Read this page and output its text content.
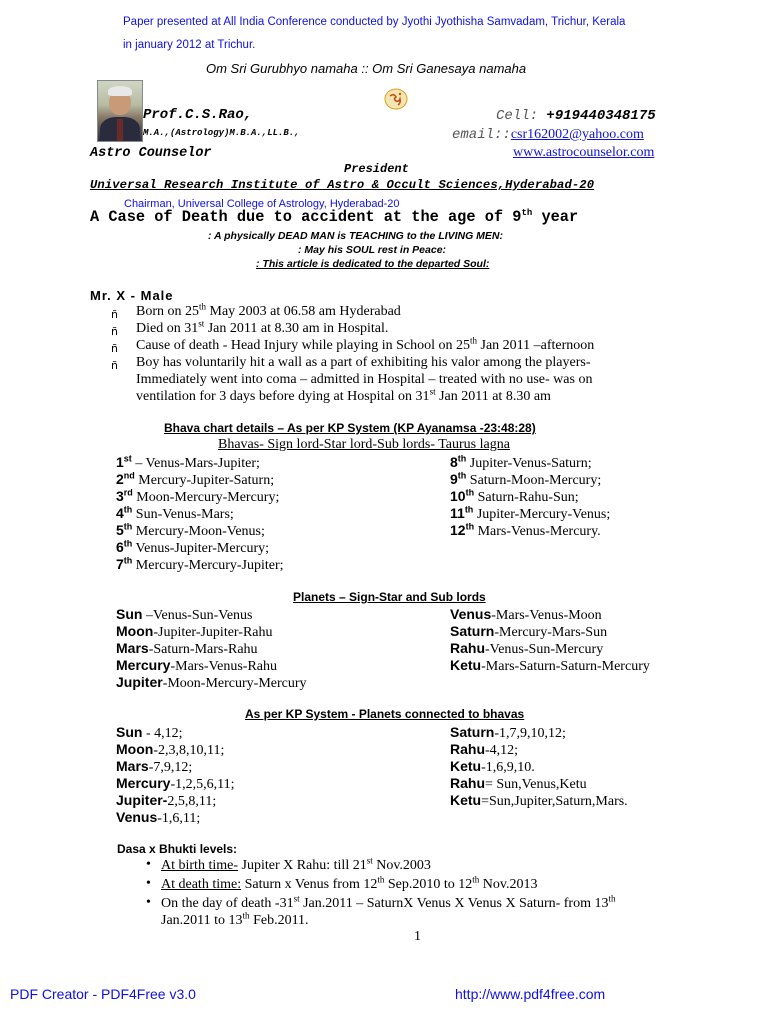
Paper presented at All India Conference conducted by Jyothi Jyothisha Samvadam, Trichur, Kerala
in january 2012 at Trichur.
Om Sri Gurubhyo namaha :: Om Sri Ganesaya namaha
Prof.C.S.Rao,
M.A.,(Astrology)M.B.A.,LL.B.,
Astro Counselor
Cell: +919440348175
email::csr162002@yahoo.com
www.astrocounselor.com
President
Universal Research Institute of Astro & Occult Sciences,Hyderabad-20
Chairman, Universal College of Astrology, Hyderabad-20
A Case of Death due to accident at the age of 9th year
: A physically DEAD MAN is TEACHING to the LIVING MEN:
: May his SOUL rest in Peace:
: This article is dedicated to the departed Soul:
Mr. X - Male
ñ Born on 25th May 2003 at 06.58 am Hyderabad
ñ Died on 31st Jan 2011 at 8.30 am in Hospital.
ñ Cause of death - Head Injury while playing in School on 25th Jan 2011 –afternoon
ñ Boy has voluntarily hit a wall as a part of exhibiting his valor among the players-
Immediately went into coma – admitted in Hospital – treated with no use- was on
ventilation for 3 days before dying at Hospital on 31st Jan 2011 at 8.30 am
Bhava chart details – As per KP System (KP Ayanamsa -23:48:28)
Bhavas- Sign lord-Star lord-Sub lords- Taurus lagna
1st – Venus-Mars-Jupiter;
2nd Mercury-Jupiter-Saturn;
3rd Moon-Mercury-Mercury;
4th Sun-Venus-Mars;
5th Mercury-Moon-Venus;
6th Venus-Jupiter-Mercury;
7th Mercury-Mercury-Jupiter;
8th Jupiter-Venus-Saturn;
9th Saturn-Moon-Mercury;
10th Saturn-Rahu-Sun;
11th Jupiter-Mercury-Venus;
12th Mars-Venus-Mercury.
Planets – Sign-Star and Sub lords
Sun –Venus-Sun-Venus
Moon-Jupiter-Jupiter-Rahu
Mars-Saturn-Mars-Rahu
Mercury-Mars-Venus-Rahu
Jupiter-Moon-Mercury-Mercury
Venus-Mars-Venus-Moon
Saturn-Mercury-Mars-Sun
Rahu-Venus-Sun-Mercury
Ketu-Mars-Saturn-Saturn-Mercury
As per KP System - Planets connected to bhavas
Sun - 4,12;
Moon-2,3,8,10,11;
Mars-7,9,12;
Mercury-1,2,5,6,11;
Jupiter-2,5,8,11;
Venus-1,6,11;
Saturn-1,7,9,10,12;
Rahu-4,12;
Ketu-1,6,9,10.
Rahu= Sun,Venus,Ketu
Ketu=Sun,Jupiter,Saturn,Mars.
Dasa x Bhukti levels:
• At birth time- Jupiter X Rahu: till 21st Nov.2003
• At death time: Saturn x Venus from 12th Sep.2010 to 12th Nov.2013
• On the day of death -31st Jan.2011 – SaturnX Venus X Venus X Saturn- from 13th
Jan.2011 to 13th Feb.2011.
1
PDF Creator - PDF4Free v3.0	http://www.pdf4free.com
